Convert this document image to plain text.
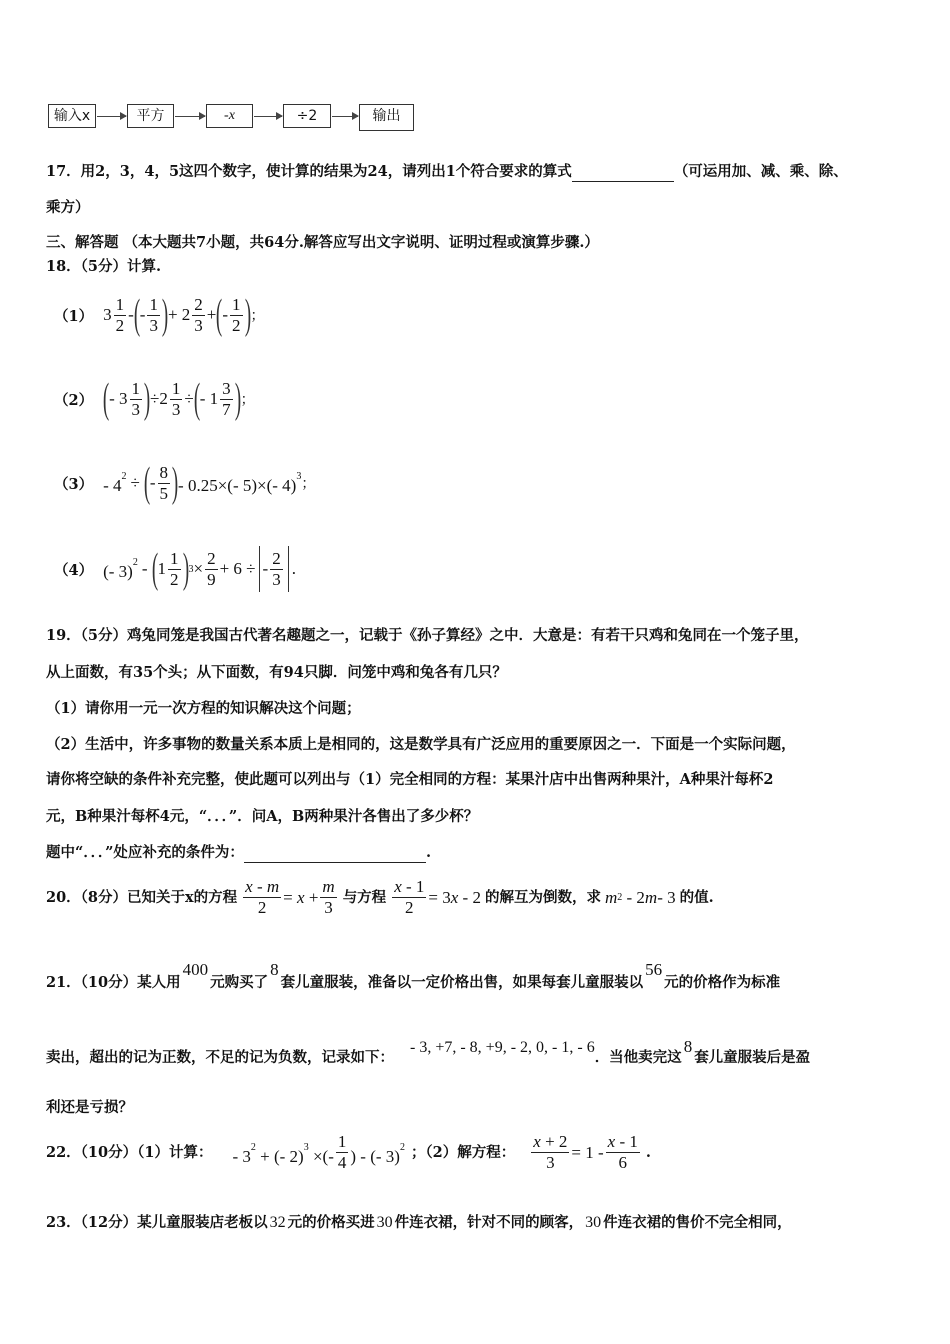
输入x	平方	-x	÷2	输出
17．用2，3，4，5这四个数字，使计算的结果为24，请列出1个符合要求的算式	（可运用加、减、乘、除、
乘方）
三、解答题 （本大题共7小题，共64分.解答应写出文字说明、证明过程或演算步骤.）
18．（5分）计算.
（1） $3 \frac{1}{2}$ - ( - $\frac{1}{3}$ ) + $2 \frac{2}{3}$ + ( - $\frac{1}{2}$ ) ；
（2） ( - $3 \frac{1}{3}$ ) $\div 2 \frac{1}{3}$ ÷ ( - $1 \frac{3}{7}$ ) ；
$(3) - 4^2$ ÷ ( - $\frac{8}{5}$ ) - 0.25×(- 5)×(- 4)$^3$ ；
（4） (- 3)$^2$ - ( $1 \frac{1}{2}$ ) $3 \times \frac{2}{9} + 6$ ÷ - $\frac{2}{3}$ .
19．（5分）鸡兔同笼是我国古代著名趣题之一，记载于《孙子算经》之中．大意是：有若干只鸡和兔同在一个笼子里，
从上面数，有35个头；从下面数，有94只脚．问笼中鸡和兔各有几只？
（1）请你用一元一次方程的知识解决这个问题；
（2）生活中，许多事物的数量关系本质上是相同的，这是数学具有广泛应用的重要原因之一．下面是一个实际问题，
请你将空缺的条件补充完整，使此题可以列出与（1）完全相同的方程：某果汁店中出售两种果汁，A种果汁每杯2
元，B种果汁每杯4元，“．．．”．问A，B两种果汁各售出了多少杯？
题中“．．．”处应补充的条件为：	.
20．（8分）已知关于x的方程 $\frac{x - m}{2} = x + \frac{m}{3}$ 与方程 $\frac{x - 1}{2} = 3x - 2$ 的解互为倒数，求 m 2 - 2 m - 3 的值.
21．（10分）某人用400元购买了8套儿童服装，准备以一定价格出售，如果每套儿童服装以56元的价格作为标准
卖出，超出的记为正数，不足的记为负数，记录如下：- 3, +7, - 8, +9, - 2, 0, - 1, - 6．当他卖完这8套儿童服装后是盈
利还是亏损？
22．（10分）（1）计算： - $3^2$ + (- 2)$^3$ ×(- $\frac{1}{4}$ ) - (- 3)$^2$ ；（2）解方程： $\frac{x + 2}{3} = 1 - \frac{x - 1}{6}$ .
23．（12分）某儿童服装店老板以 32 元的价格买进 30 件连衣裙，针对不同的顾客， 30 件连衣裙的售价不完全相同，
